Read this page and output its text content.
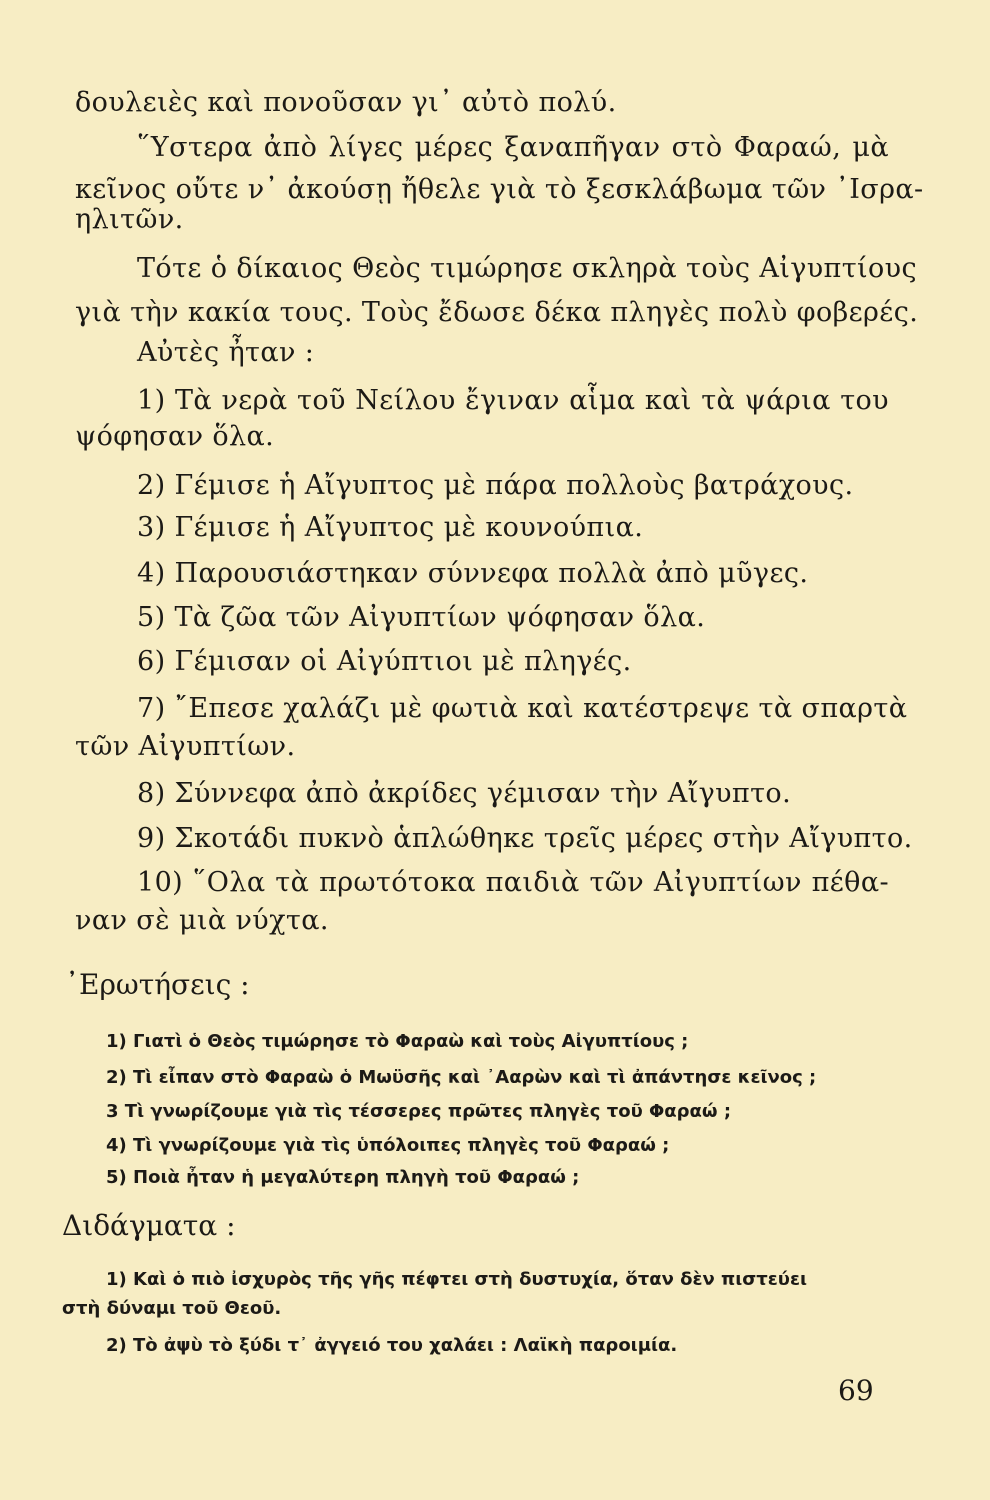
δουλειὲς καὶ πονοῦσαν γι᾿ αὐτὸ πολύ.

῞Υστερα ἀπὸ λίγες μέρες ξαναπῆγαν στὸ Φαραώ, μὰ

κεῖνος οὔτε ν᾿ ἀκούσῃ ἤθελε γιὰ τὸ ξεσκλάβωμα τῶν ᾿Ισρα-

ηλιτῶν.

Τότε ὁ δίκαιος Θεὸς τιμώρησε σκληρὰ τοὺς Αἰγυπτίους

γιὰ τὴν κακία τους. Τοὺς ἔδωσε δέκα πληγὲς πολὺ φοβερές.

Αὐτὲς ἦταν :

1) Τὰ νερὰ τοῦ Νείλου ἔγιναν αἷμα καὶ τὰ ψάρια του

ψόφησαν ὅλα.

2) Γέμισε ἡ Αἴγυπτος μὲ πάρα πολλοὺς βατράχους.

3) Γέμισε ἡ Αἴγυπτος μὲ κουνούπια.

4) Παρουσιάστηκαν σύννεφα πολλὰ ἀπὸ μῦγες.

5) Τὰ ζῶα τῶν Αἰγυπτίων ψόφησαν ὅλα.

6) Γέμισαν οἱ Αἰγύπτιοι μὲ πληγές.

7) ῎Επεσε χαλάζι μὲ φωτιὰ καὶ κατέστρεψε τὰ σπαρτὰ

τῶν Αἰγυπτίων.

8) Σύννεφα ἀπὸ ἀκρίδες γέμισαν τὴν Αἴγυπτο.

9) Σκοτάδι πυκνὸ ἁπλώθηκε τρεῖς μέρες στὴν Αἴγυπτο.

10) ῞Ολα τὰ πρωτότοκα παιδιὰ τῶν Αἰγυπτίων πέθα-

ναν σὲ μιὰ νύχτα.

᾿Ερωτήσεις :

1) Γιατὶ ὁ Θεὸς τιμώρησε τὸ Φαραὼ καὶ τοὺς Αἰγυπτίους ;

2) Τὶ εἶπαν στὸ Φαραὼ ὁ Μωϋσῆς καὶ ᾿Ααρὼν καὶ τὶ ἀπάντησε κεῖνος ;

3 Τὶ γνωρίζουμε γιὰ τὶς τέσσερες πρῶτες πληγὲς τοῦ Φαραώ ;

4) Τὶ γνωρίζουμε γιὰ τὶς ὑπόλοιπες πληγὲς τοῦ Φαραώ ;

5) Ποιὰ ἦταν ἡ μεγαλύτερη πληγὴ τοῦ Φαραώ ;

Διδάγματα :

1) Καὶ ὁ πιὸ ἰσχυρὸς τῆς γῆς πέφτει στὴ δυστυχία, ὅταν δὲν πιστεύει

στὴ δύναμι τοῦ Θεοῦ.

2) Τὸ ἀψὺ τὸ ξύδι τ᾿ ἀγγειό του χαλάει : Λαϊκὴ παροιμία.

69
